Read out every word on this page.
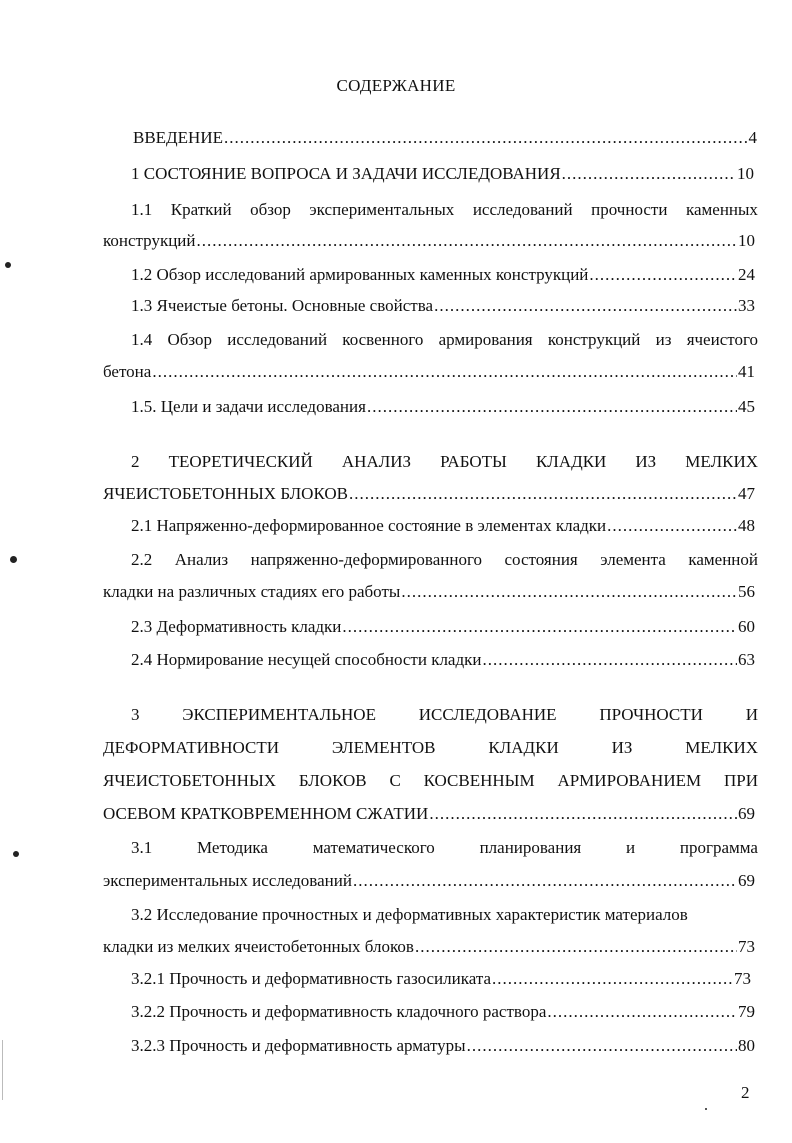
СОДЕРЖАНИЕ
ВВЕДЕНИЕ .....	4
1 СОСТОЯНИЕ ВОПРОСА И ЗАДАЧИ ИССЛЕДОВАНИЯ .....	10
1.1 Краткий обзор экспериментальных исследований прочности каменных
конструкций .....	10
1.2 Обзор исследований армированных каменных конструкций .....	24
1.3 Ячеистые бетоны. Основные свойства .....	33
1.4 Обзор исследований косвенного армирования конструкций из ячеистого
бетона .....	41
1.5. Цели и задачи исследования .....	45
2 ТЕОРЕТИЧЕСКИЙ АНАЛИЗ РАБОТЫ КЛАДКИ ИЗ МЕЛКИХ
ЯЧЕИСТОБЕТОННЫХ БЛОКОВ .....	47
2.1 Напряженно-деформированное состояние в элементах кладки .....	48
2.2 Анализ напряженно-деформированного состояния элемента каменной
кладки на различных стадиях его работы .....	56
2.3 Деформативность кладки .....	60
2.4 Нормирование несущей способности кладки .....	63
3	ЭКСПЕРИМЕНТАЛЬНОЕ	ИССЛЕДОВАНИЕ	ПРОЧНОСТИ	И
ДЕФОРМАТИВНОСТИ	ЭЛЕМЕНТОВ	КЛАДКИ	ИЗ	МЕЛКИХ
ЯЧЕИСТОБЕТОННЫХ БЛОКОВ С КОСВЕННЫМ АРМИРОВАНИЕМ ПРИ
ОСЕВОМ КРАТКОВРЕМЕННОМ СЖАТИИ .....	69
3.1	Методика	математического	планирования	и	программа
экспериментальных исследований .....	69
3.2 Исследование прочностных и деформативных характеристик материалов
кладки из мелких ячеистобетонных блоков .....	73
3.2.1 Прочность и деформативность газосиликата .....	73
3.2.2 Прочность и деформативность кладочного раствора .....	79
3.2.3 Прочность и деформативность арматуры .....	80
2
